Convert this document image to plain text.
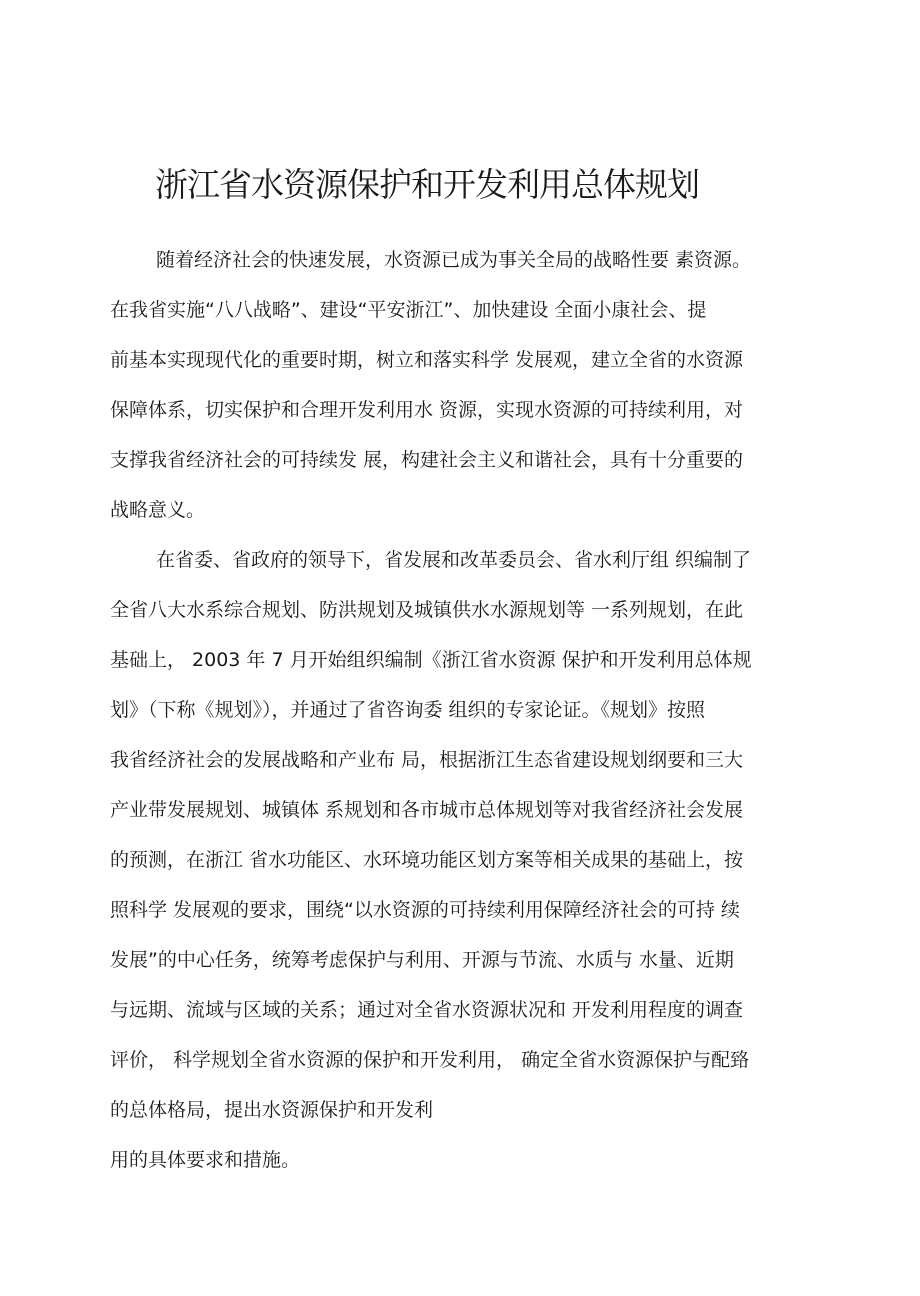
浙江省水资源保护和开发利用总体规划
随着经济社会的快速发展，水资源已成为事关全局的战略性要 素资源。
在我省实施“八八战略”、建设“平安浙江”、加快建设 全面小康社会、提
前基本实现现代化的重要时期，树立和落实科学 发展观，建立全省的水资源
保障体系，切实保护和合理开发利用水 资源，实现水资源的可持续利用，对
支撑我省经济社会的可持续发 展，构建社会主义和谐社会，具有十分重要的
战略意义。
在省委、省政府的领导下，省发展和改革委员会、省水利厅组 织编制了
全省八大水系综合规划、防洪规划及城镇供水水源规划等 一系列规划，在此
基础上， 2003 年 7 月开始组织编制《浙江省水资源 保护和开发利用总体规
划》（下称《规划》），并通过了省咨询委 组织的专家论证。《规划》按照
我省经济社会的发展战略和产业布 局，根据浙江生态省建设规划纲要和三大
产业带发展规划、城镇体 系规划和各市城市总体规划等对我省经济社会发展
的预测，在浙江 省水功能区、水环境功能区划方案等相关成果的基础上，按
照科学 发展观的要求，围绕“以水资源的可持续利用保障经济社会的可持 续
发展”的中心任务，统筹考虑保护与利用、开源与节流、水质与 水量、近期
与远期、流域与区域的关系；通过对全省水资源状况和 开发利用程度的调查
评价， 科学规划全省水资源的保护和开发利用， 确定全省水资源保护与配臵
的总体格局，提出水资源保护和开发利
用的具体要求和措施。
